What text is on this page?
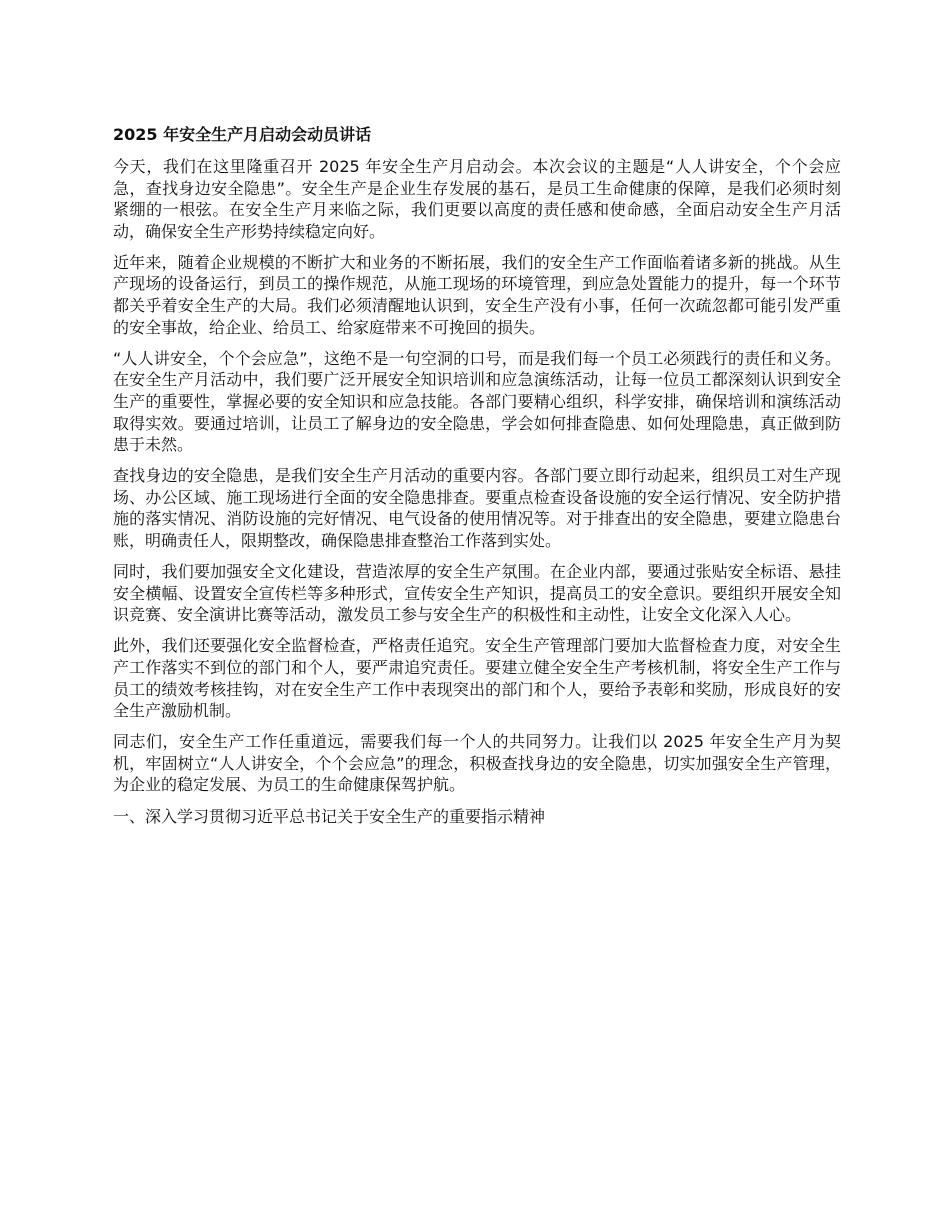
2025 年安全生产月启动会动员讲话

今天，我们在这里隆重召开 2025 年安全生产月启动会。本次会议的主题是“人人讲安全，个个会应急，查找身边安全隐患”。安全生产是企业生存发展的基石，是员工生命健康的保障，是我们必须时刻紧绷的一根弦。在安全生产月来临之际，我们更要以高度的责任感和使命感，全面启动安全生产月活动，确保安全生产形势持续稳定向好。

近年来，随着企业规模的不断扩大和业务的不断拓展，我们的安全生产工作面临着诸多新的挑战。从生产现场的设备运行，到员工的操作规范，从施工现场的环境管理，到应急处置能力的提升，每一个环节都关乎着安全生产的大局。我们必须清醒地认识到，安全生产没有小事，任何一次疏忽都可能引发严重的安全事故，给企业、给员工、给家庭带来不可挽回的损失。

“人人讲安全，个个会应急”，这绝不是一句空洞的口号，而是我们每一个员工必须践行的责任和义务。在安全生产月活动中，我们要广泛开展安全知识培训和应急演练活动，让每一位员工都深刻认识到安全生产的重要性，掌握必要的安全知识和应急技能。各部门要精心组织，科学安排，确保培训和演练活动取得实效。要通过培训，让员工了解身边的安全隐患，学会如何排查隐患、如何处理隐患，真正做到防患于未然。

查找身边的安全隐患，是我们安全生产月活动的重要内容。各部门要立即行动起来，组织员工对生产现场、办公区域、施工现场进行全面的安全隐患排查。要重点检查设备设施的安全运行情况、安全防护措施的落实情况、消防设施的完好情况、电气设备的使用情况等。对于排查出的安全隐患，要建立隐患台账，明确责任人，限期整改，确保隐患排查整治工作落到实处。

同时，我们要加强安全文化建设，营造浓厚的安全生产氛围。在企业内部，要通过张贴安全标语、悬挂安全横幅、设置安全宣传栏等多种形式，宣传安全生产知识，提高员工的安全意识。要组织开展安全知识竞赛、安全演讲比赛等活动，激发员工参与安全生产的积极性和主动性，让安全文化深入人心。

此外，我们还要强化安全监督检查，严格责任追究。安全生产管理部门要加大监督检查力度，对安全生产工作落实不到位的部门和个人，要严肃追究责任。要建立健全安全生产考核机制，将安全生产工作与员工的绩效考核挂钩，对在安全生产工作中表现突出的部门和个人，要给予表彰和奖励，形成良好的安全生产激励机制。

同志们，安全生产工作任重道远，需要我们每一个人的共同努力。让我们以 2025 年安全生产月为契机，牢固树立“人人讲安全，个个会应急”的理念，积极查找身边的安全隐患，切实加强安全生产管理，为企业的稳定发展、为员工的生命健康保驾护航。

一、深入学习贯彻习近平总书记关于安全生产的重要指示精神
